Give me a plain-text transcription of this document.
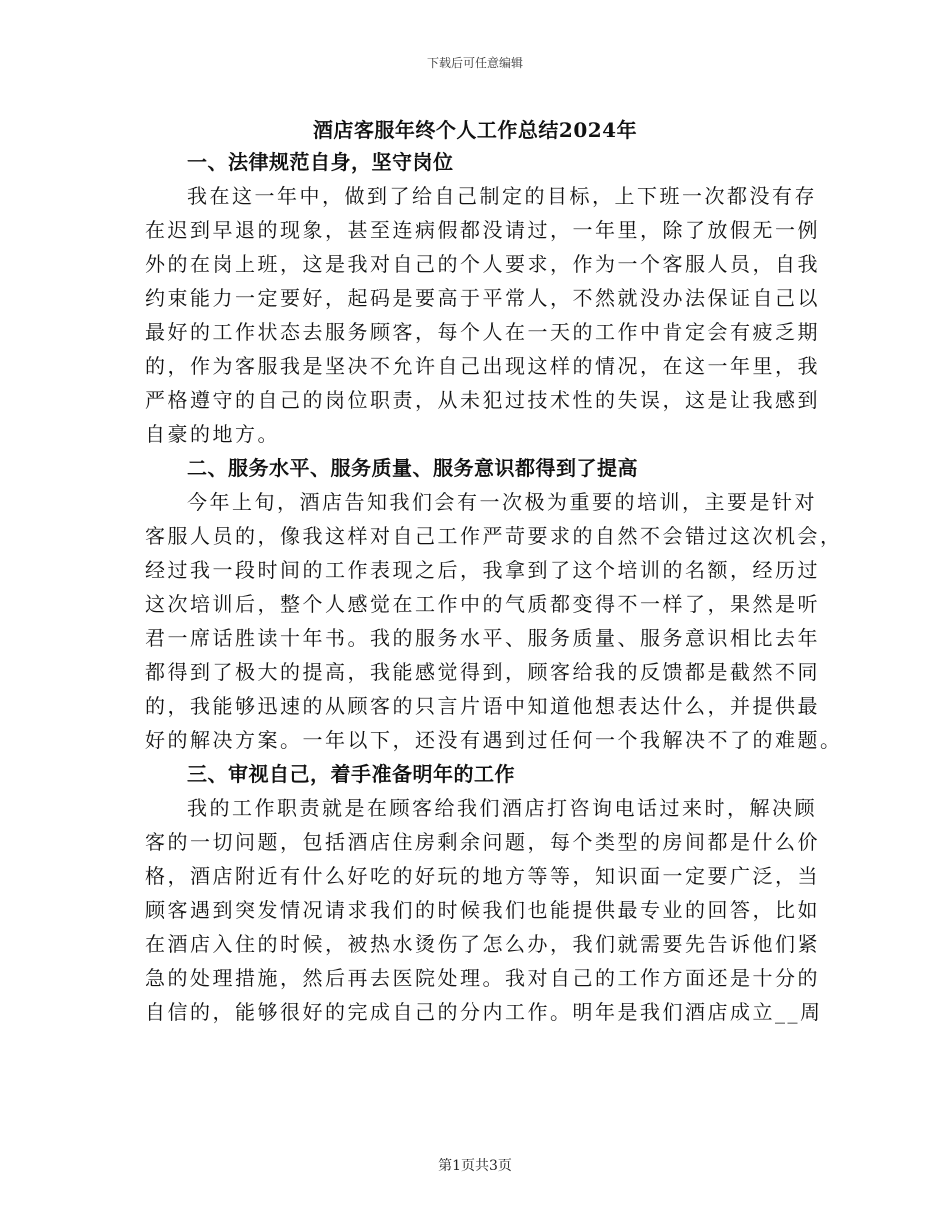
下载后可任意编辑
酒店客服年终个人工作总结2024年
一、法律规范自身，坚守岗位
我在这一年中，做到了给自己制定的目标，上下班一次都没有存
在迟到早退的现象，甚至连病假都没请过，一年里，除了放假无一例
外的在岗上班，这是我对自己的个人要求，作为一个客服人员，自我
约束能力一定要好，起码是要高于平常人，不然就没办法保证自己以
最好的工作状态去服务顾客，每个人在一天的工作中肯定会有疲乏期
的，作为客服我是坚决不允许自己出现这样的情况，在这一年里，我
严格遵守的自己的岗位职责，从未犯过技术性的失误，这是让我感到
自豪的地方。
二、服务水平、服务质量、服务意识都得到了提高
今年上旬，酒店告知我们会有一次极为重要的培训，主要是针对
客服人员的，像我这样对自己工作严苛要求的自然不会错过这次机会，
经过我一段时间的工作表现之后，我拿到了这个培训的名额，经历过
这次培训后，整个人感觉在工作中的气质都变得不一样了，果然是听
君一席话胜读十年书。我的服务水平、服务质量、服务意识相比去年
都得到了极大的提高，我能感觉得到，顾客给我的反馈都是截然不同
的，我能够迅速的从顾客的只言片语中知道他想表达什么，并提供最
好的解决方案。一年以下，还没有遇到过任何一个我解决不了的难题。
三、审视自己，着手准备明年的工作
我的工作职责就是在顾客给我们酒店打咨询电话过来时，解决顾
客的一切问题，包括酒店住房剩余问题，每个类型的房间都是什么价
格，酒店附近有什么好吃的好玩的地方等等，知识面一定要广泛，当
顾客遇到突发情况请求我们的时候我们也能提供最专业的回答，比如
在酒店入住的时候，被热水烫伤了怎么办，我们就需要先告诉他们紧
急的处理措施，然后再去医院处理。我对自己的工作方面还是十分的
自信的，能够很好的完成自己的分内工作。明年是我们酒店成立__周
第1页共3页
